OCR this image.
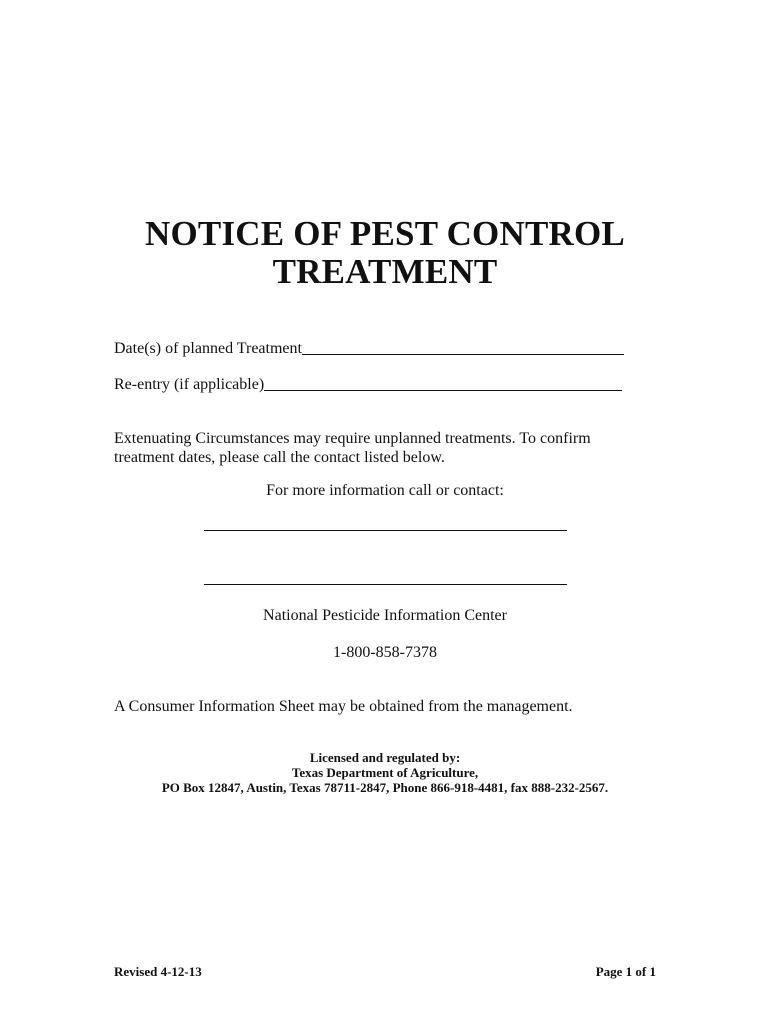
NOTICE OF PEST CONTROL
TREATMENT
Date(s) of planned Treatment
Re-entry (if applicable)
Extenuating Circumstances may require unplanned treatments. To confirm treatment dates, please call the contact listed below.
For more information call or contact:
National Pesticide Information Center
1-800-858-7378
A Consumer Information Sheet may be obtained from the management.
Licensed and regulated by:
Texas Department of Agriculture,
PO Box 12847, Austin, Texas 78711-2847, Phone 866-918-4481, fax 888-232-2567.
Revised 4-12-13	Page 1 of 1
